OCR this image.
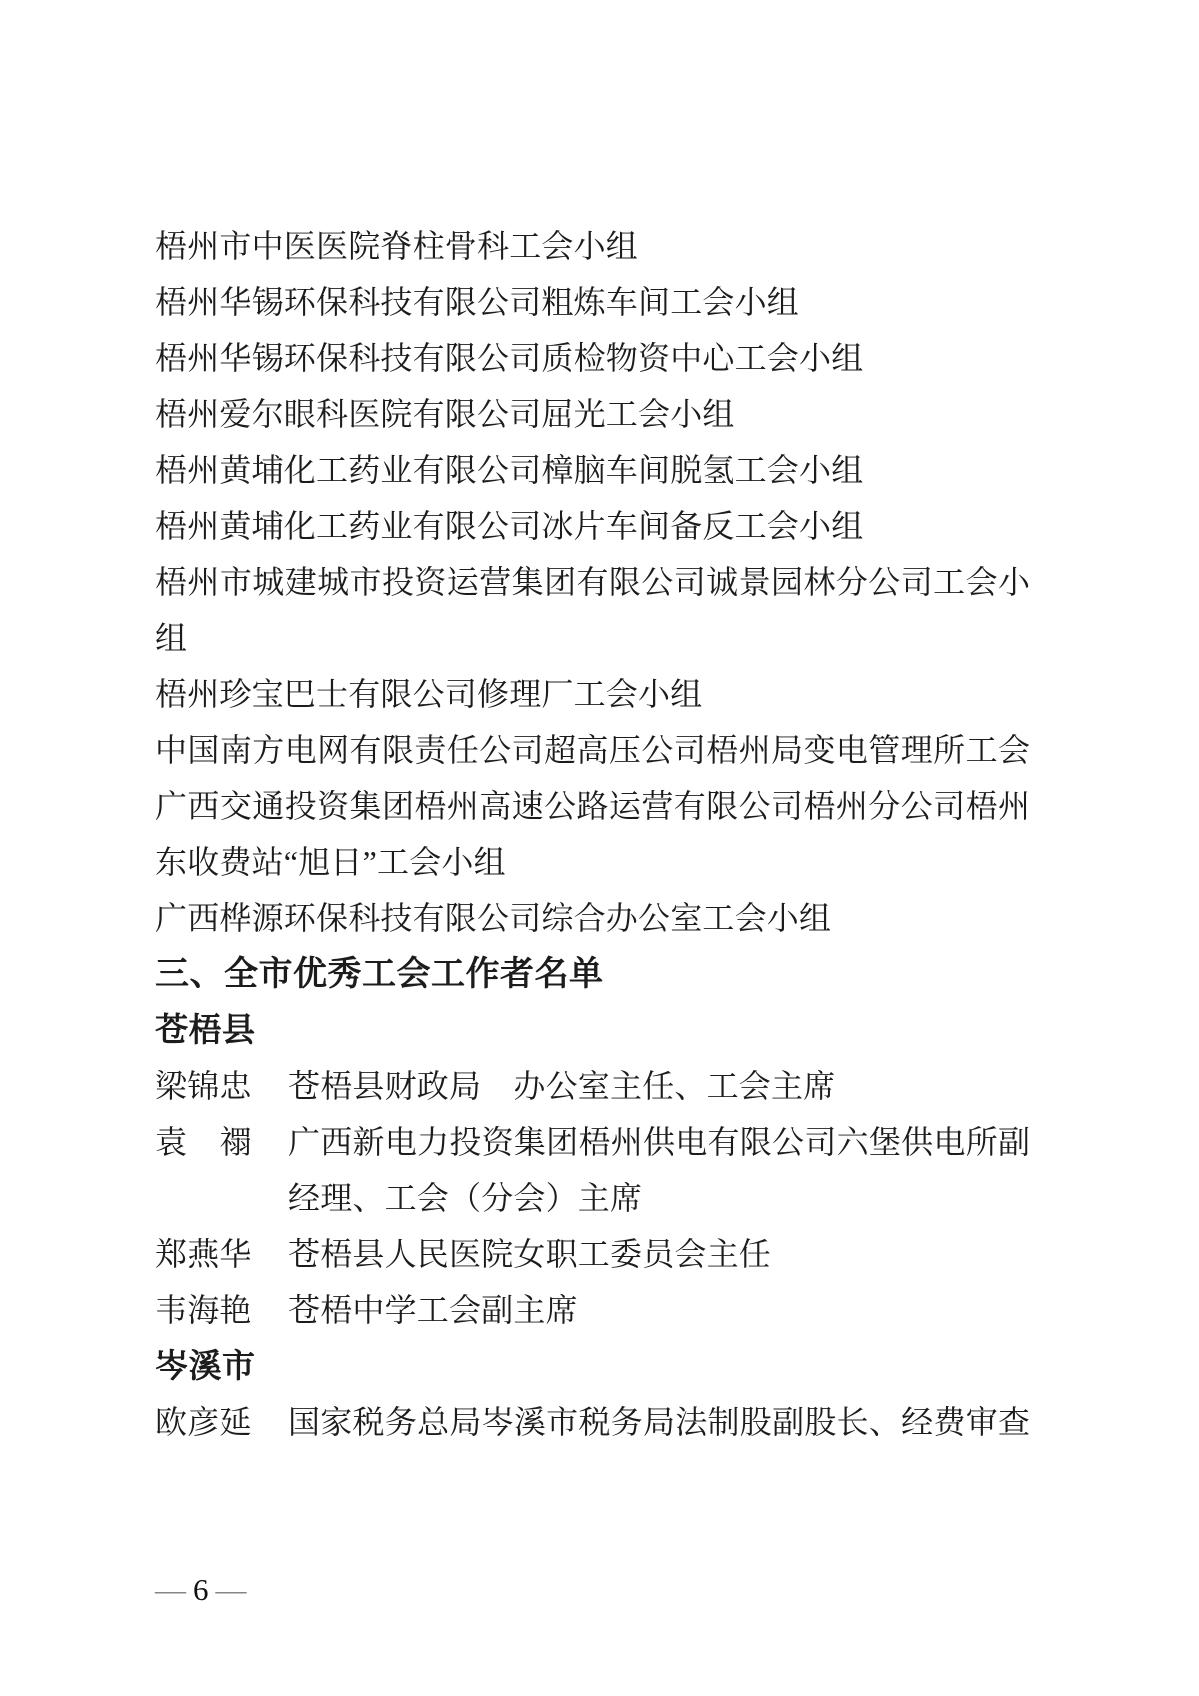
梧州市中医医院脊柱骨科工会小组
梧州华锡环保科技有限公司粗炼车间工会小组
梧州华锡环保科技有限公司质检物资中心工会小组
梧州爱尔眼科医院有限公司屈光工会小组
梧州黄埔化工药业有限公司樟脑车间脱氢工会小组
梧州黄埔化工药业有限公司冰片车间备反工会小组
梧州市城建城市投资运营集团有限公司诚景园林分公司工会小
组
梧州珍宝巴士有限公司修理厂工会小组
中国南方电网有限责任公司超高压公司梧州局变电管理所工会
广西交通投资集团梧州高速公路运营有限公司梧州分公司梧州
东收费站“旭日”工会小组
广西桦源环保科技有限公司综合办公室工会小组
三、全市优秀工会工作者名单
苍梧县
梁锦忠	苍梧县财政局　办公室主任、工会主席
袁　禤	广西新电力投资集团梧州供电有限公司六堡供电所副
经理、工会（分会）主席
郑燕华	苍梧县人民医院女职工委员会主任
韦海艳	苍梧中学工会副主席
岑溪市
欧彦延	国家税务总局岑溪市税务局法制股副股长、经费审查
— 6 —
